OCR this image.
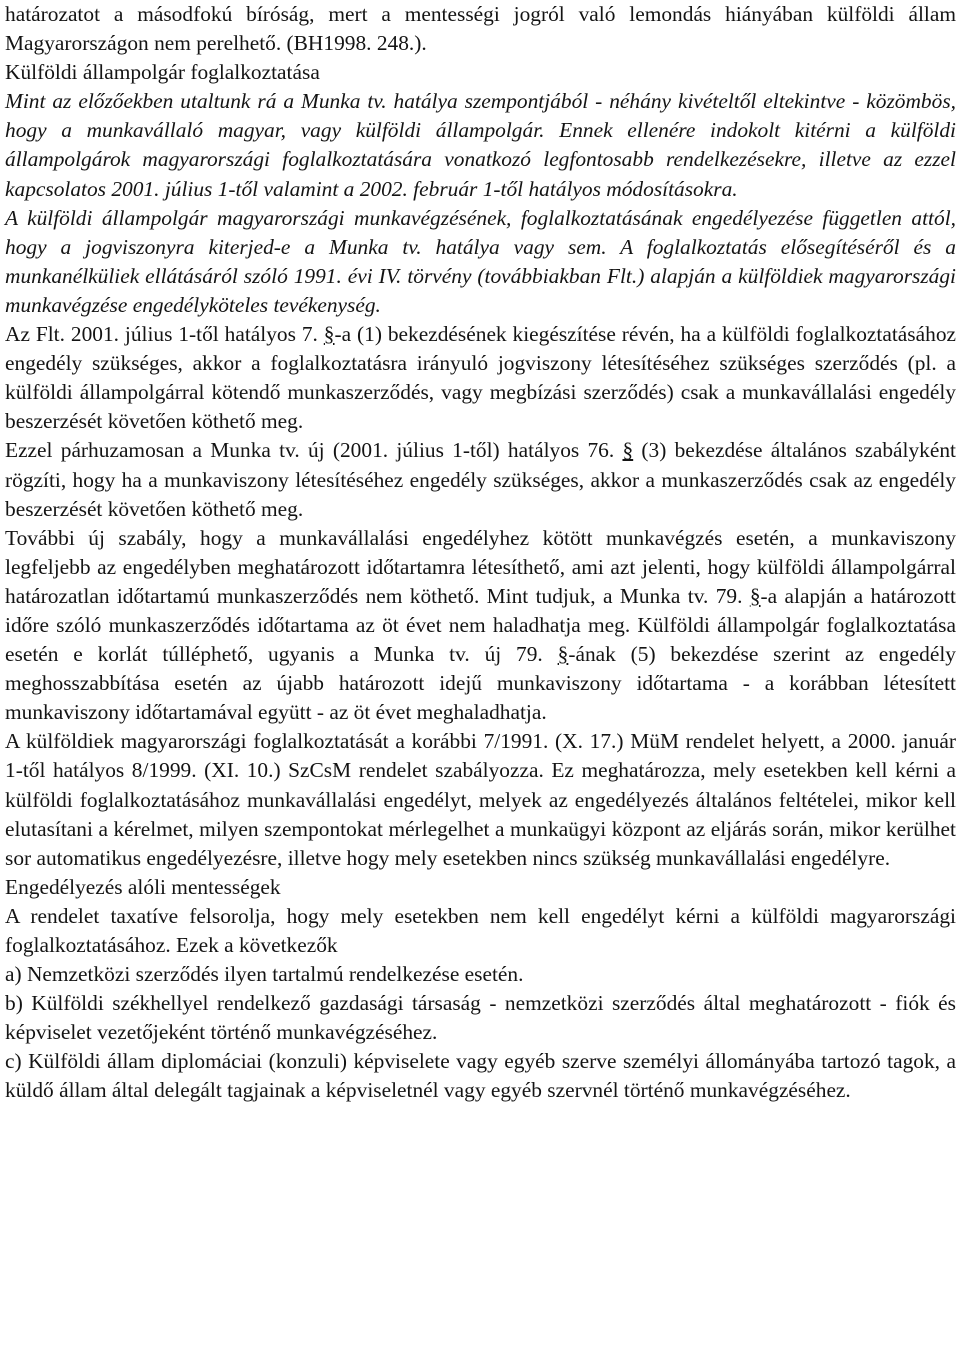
határozatot a másodfokú bíróság, mert a mentességi jogról való lemondás hiányában külföldi állam Magyarországon nem perelhető. (BH1998. 248.).

Külföldi állampolgár foglalkoztatása

Mint az előzőekben utaltunk rá a Munka tv. hatálya szempontjából - néhány kivételtől eltekintve - közömbös, hogy a munkavállaló magyar, vagy külföldi állampolgár. Ennek ellenére indokolt kitérni a külföldi állampolgárok magyarországi foglalkoztatására vonatkozó legfontosabb rendelkezésekre, illetve az ezzel kapcsolatos 2001. július 1-től valamint a 2002. február 1-től hatályos módosításokra.

A külföldi állampolgár magyarországi munkavégzésének, foglalkoztatásának engedélyezése független attól, hogy a jogviszonyra kiterjed-e a Munka tv. hatálya vagy sem. A foglalkoztatás elősegítéséről és a munkanélküliek ellátásáról szóló 1991. évi IV. törvény (továbbiakban Flt.) alapján a külföldiek magyarországi munkavégzése engedélyköteles tevékenység.

Az Flt. 2001. július 1-től hatályos 7. §-a (1) bekezdésének kiegészítése révén, ha a külföldi foglalkoztatásához engedély szükséges, akkor a foglalkoztatásra irányuló jogviszony létesítéséhez szükséges szerződés (pl. a külföldi állampolgárral kötendő munkaszerződés, vagy megbízási szerződés) csak a munkavállalási engedély beszerzését követően köthető meg.

Ezzel párhuzamosan a Munka tv. új (2001. július 1-től) hatályos 76. § (3) bekezdése általános szabályként rögzíti, hogy ha a munkaviszony létesítéséhez engedély szükséges, akkor a munkaszerződés csak az engedély beszerzését követően köthető meg.

További új szabály, hogy a munkavállalási engedélyhez kötött munkavégzés esetén, a munkaviszony legfeljebb az engedélyben meghatározott időtartamra létesíthető, ami azt jelenti, hogy külföldi állampolgárral határozatlan időtartamú munkaszerződés nem köthető. Mint tudjuk, a Munka tv. 79. §-a alapján a határozott időre szóló munkaszerződés időtartama az öt évet nem haladhatja meg. Külföldi állampolgár foglalkoztatása esetén e korlát túlléphető, ugyanis a Munka tv. új 79. §-ának (5) bekezdése szerint az engedély meghosszabbítása esetén az újabb határozott idejű munkaviszony időtartama - a korábban létesített munkaviszony időtartamával együtt - az öt évet meghaladhatja.

A külföldiek magyarországi foglalkoztatását a korábbi 7/1991. (X. 17.) MüM rendelet helyett, a 2000. január 1-től hatályos 8/1999. (XI. 10.) SzCsM rendelet szabályozza. Ez meghatározza, mely esetekben kell kérni a külföldi foglalkoztatásához munkavállalási engedélyt, melyek az engedélyezés általános feltételei, mikor kell elutasítani a kérelmet, milyen szempontokat mérlegelhet a munkaügyi központ az eljárás során, mikor kerülhet sor automatikus engedélyezésre, illetve hogy mely esetekben nincs szükség munkavállalási engedélyre.

Engedélyezés alóli mentességek

A rendelet taxatíve felsorolja, hogy mely esetekben nem kell engedélyt kérni a külföldi magyarországi foglalkoztatásához. Ezek a következők

a) Nemzetközi szerződés ilyen tartalmú rendelkezése esetén.

b) Külföldi székhellyel rendelkező gazdasági társaság - nemzetközi szerződés által meghatározott - fiók és képviselet vezetőjeként történő munkavégzéséhez.

c) Külföldi állam diplomáciai (konzuli) képviselete vagy egyéb szerve személyi állományába tartozó tagok, a küldő állam által delegált tagjainak a képviseletnél vagy egyéb szervnél történő munkavégzéséhez.
